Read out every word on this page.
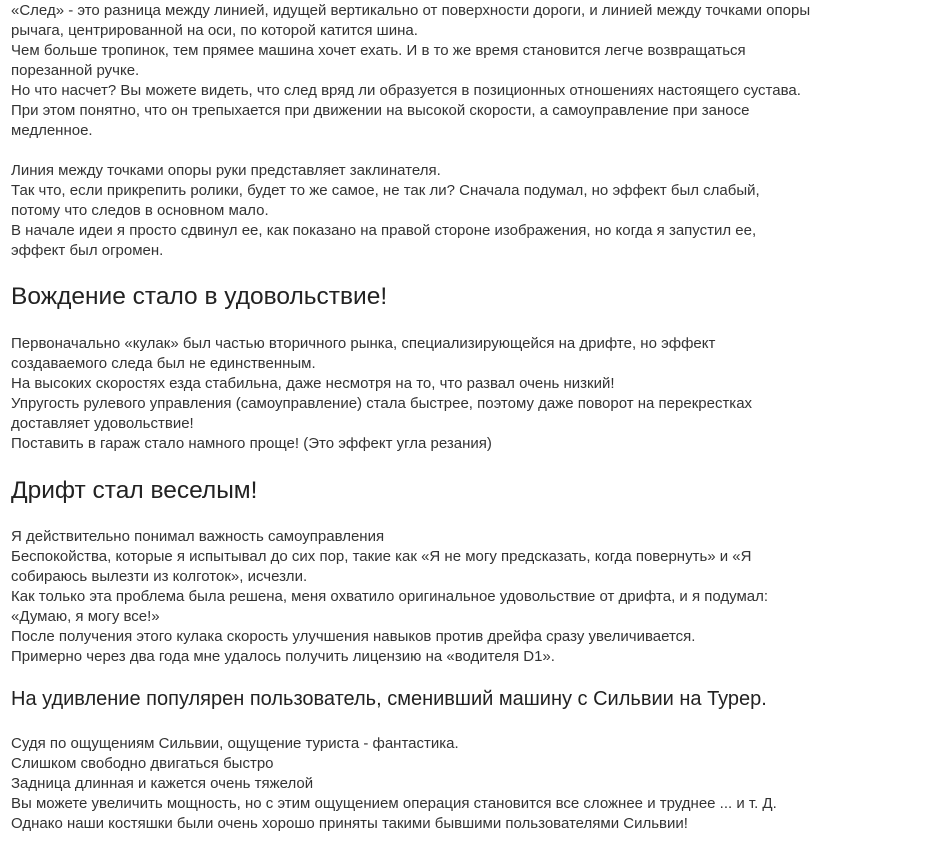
«След» - это разница между линией, идущей вертикально от поверхности дороги, и линией между точками опоры
рычага, центрированной на оси, по которой катится шина.
Чем больше тропинок, тем прямее машина хочет ехать. И в то же время становится легче возвращаться
порезанной ручке.
Но что насчет? Вы можете видеть, что след вряд ли образуется в позиционных отношениях настоящего сустава.
При этом понятно, что он трепыхается при движении на высокой скорости, а самоуправление при заносе
медленное.

Линия между точками опоры руки представляет заклинателя.
Так что, если прикрепить ролики, будет то же самое, не так ли? Сначала подумал, но эффект был слабый,
потому что следов в основном мало.
В начале идеи я просто сдвинул ее, как показано на правой стороне изображения, но когда я запустил ее,
эффект был огромен.

Вождение стало в удовольствие!

Первоначально «кулак» был частью вторичного рынка, специализирующейся на дрифте, но эффект
создаваемого следа был не единственным.
На высоких скоростях езда стабильна, даже несмотря на то, что развал очень низкий!
Упругость рулевого управления (самоуправление) стала быстрее, поэтому даже поворот на перекрестках
доставляет удовольствие!
Поставить в гараж стало намного проще! (Это эффект угла резания)

Дрифт стал веселым!

Я действительно понимал важность самоуправления
Беспокойства, которые я испытывал до сих пор, такие как «Я не могу предсказать, когда повернуть» и «Я
собираюсь вылезти из колготок», исчезли.
Как только эта проблема была решена, меня охватило оригинальное удовольствие от дрифта, и я подумал:
«Думаю, я могу все!»
После получения этого кулака скорость улучшения навыков против дрейфа сразу увеличивается.
Примерно через два года мне удалось получить лицензию на «водителя D1».

На удивление популярен пользователь, сменивший машину с Сильвии на Турер.

Судя по ощущениям Сильвии, ощущение туриста - фантастика.
Слишком свободно двигаться быстро
Задница длинная и кажется очень тяжелой
Вы можете увеличить мощность, но с этим ощущением операция становится все сложнее и труднее ... и т. Д.
Однако наши костяшки были очень хорошо приняты такими бывшими пользователями Сильвии!
